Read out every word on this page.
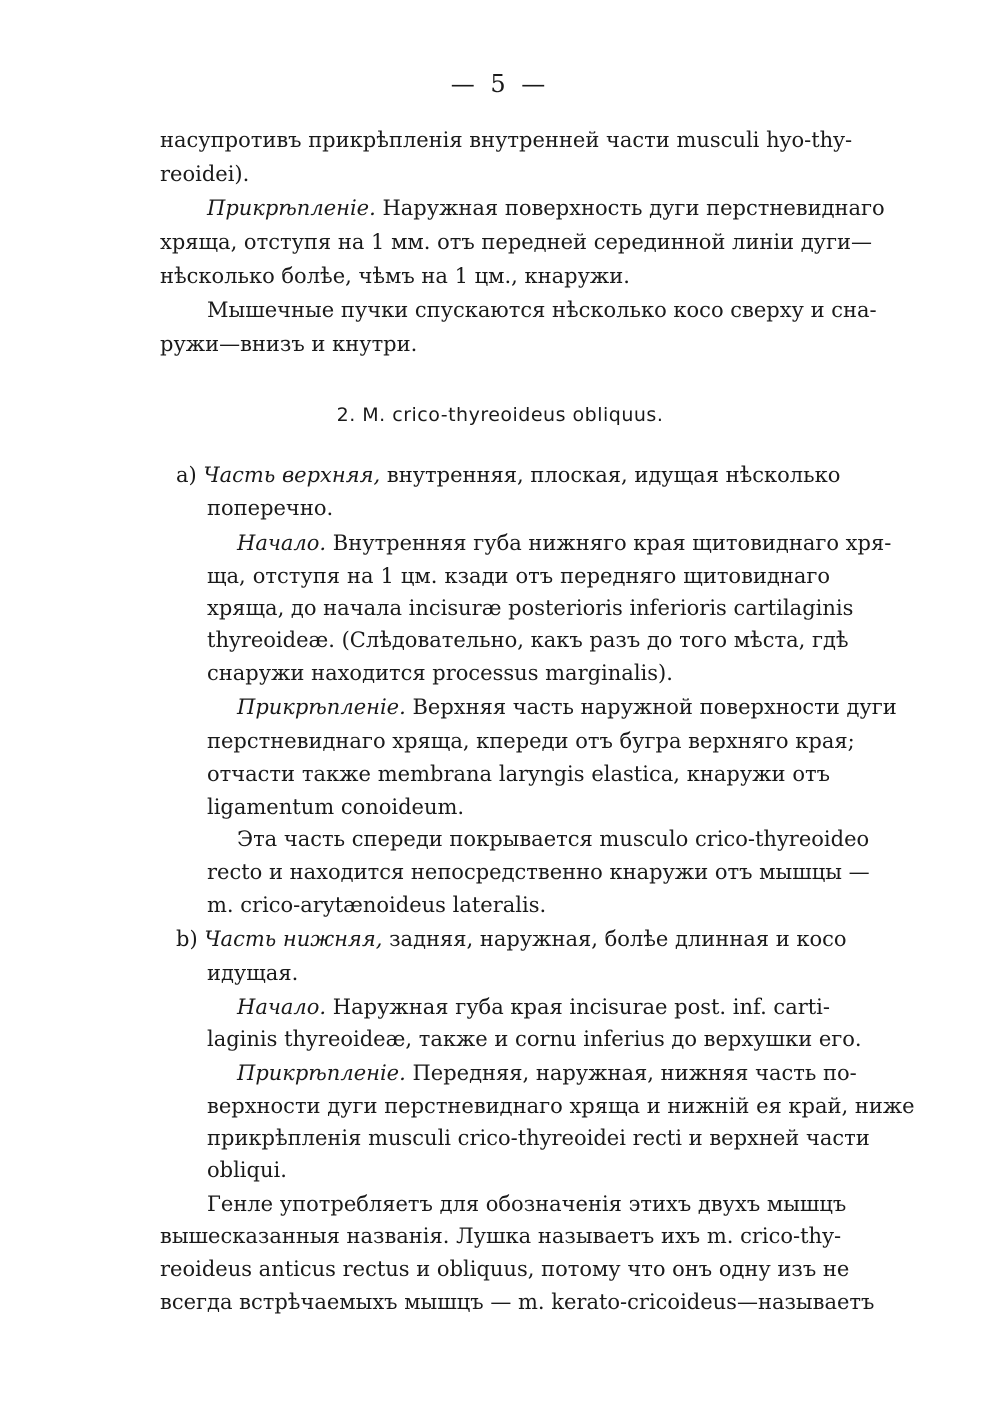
— 5 —
насупротивъ прикрѣпленія внутренней части musculi hyo-thy-
reoidei).
Прикрѣпленіе. Наружная поверхность дуги перстневиднаго
хряща, отступя на 1 мм. отъ передней серединной линіи дуги—
нѣсколько болѣе, чѣмъ на 1 цм., кнаружи.
Мышечные пучки спускаются нѣсколько косо сверху и сна-
ружи—внизъ и кнутри.
2. M. crico-thyreoideus obliquus.
a) Часть верхняя, внутренняя, плоская, идущая нѣсколько
поперечно.
Начало. Внутренняя губа нижняго края щитовиднаго хря-
ща, отступя на 1 цм. кзади отъ передняго щитовиднаго
хряща, до начала incisuræ posterioris inferioris cartilaginis
thyreoideæ. (Слѣдовательно, какъ разъ до того мѣста, гдѣ
снаружи находится processus marginalis).
Прикрѣпленіе. Верхняя часть наружной поверхности дуги
перстневиднаго хряща, кпереди отъ бугра верхняго края;
отчасти также membrana laryngis elastica, кнаружи отъ
ligamentum conoideum.
Эта часть спереди покрывается musculo crico-thyreoideo
recto и находится непосредственно кнаружи отъ мышцы —
m. crico-arytænoideus lateralis.
b) Часть нижняя, задняя, наружная, болѣе длинная и косо
идущая.
Начало. Наружная губа края incisurae post. inf. carti-
laginis thyreoideæ, также и cornu inferius до верхушки его.
Прикрѣпленіе. Передняя, наружная, нижняя часть по-
верхности дуги перстневиднаго хряща и нижній ея край, ниже
прикрѣпленія musculi crico-thyreoidei recti и верхней части
obliqui.
Генле употребляетъ для обозначенія этихъ двухъ мышцъ
вышесказанныя названія. Лушка называетъ ихъ m. crico-thy-
reoideus anticus rectus и obliquus, потому что онъ одну изъ не
всегда встрѣчаемыхъ мышцъ — m. kerato-cricoideus—называетъ
